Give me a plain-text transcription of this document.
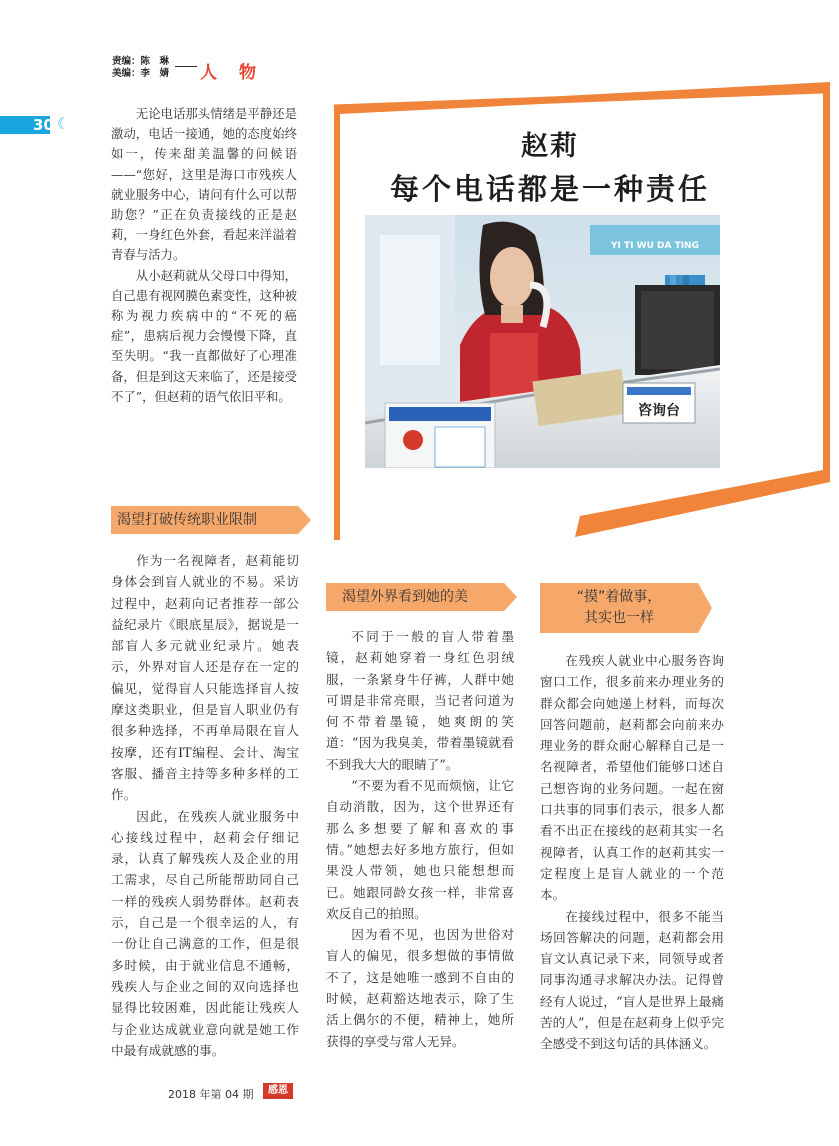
责编：陈　琳
美编：李　婧 人物
30
《
赵莉
每个电话都是一种责任
YI TI WU DA TING
咨询台

无论电话那头情绪是平静还是激动，电话一接通，她的态度始终如一，传来甜美温馨的问候语——“您好，这里是海口市残疾人就业服务中心，请问有什么可以帮助您？”正在负责接线的正是赵莉，一身红色外套，看起来洋溢着青春与活力。

从小赵莉就从父母口中得知，自己患有视网膜色素变性，这种被称为视力疾病中的“不死的癌症”，患病后视力会慢慢下降，直至失明。“我一直都做好了心理准备，但是到这天来临了，还是接受不了”，但赵莉的语气依旧平和。

渴望打破传统职业限制

作为一名视障者，赵莉能切身体会到盲人就业的不易。采访过程中，赵莉向记者推荐一部公益纪录片《眼底星辰》，据说是一部盲人多元就业纪录片。她表示，外界对盲人还是存在一定的偏见，觉得盲人只能选择盲人按摩这类职业，但是盲人职业仍有很多种选择，不再单局限在盲人按摩，还有IT编程、会计、淘宝客服、播音主持等多种多样的工作。

因此，在残疾人就业服务中心接线过程中，赵莉会仔细记录，认真了解残疾人及企业的用工需求，尽自己所能帮助同自己一样的残疾人弱势群体。赵莉表示，自己是一个很幸运的人，有一份让自己满意的工作，但是很多时候，由于就业信息不通畅，残疾人与企业之间的双向选择也显得比较困难，因此能让残疾人与企业达成就业意向就是她工作中最有成就感的事。

渴望外界看到她的美

不同于一般的盲人带着墨镜，赵莉她穿着一身红色羽绒服，一条紧身牛仔裤，人群中她可谓是非常亮眼，当记者问道为何不带着墨镜，她爽朗的笑道：“因为我臭美，带着墨镜就看不到我大大的眼睛了”。

“不要为看不见而烦恼，让它自动消散，因为，这个世界还有那么多想要了解和喜欢的事情。”她想去好多地方旅行，但如果没人带领，她也只能想想而已。她跟同龄女孩一样，非常喜欢反自己的拍照。

因为看不见，也因为世俗对盲人的偏见，很多想做的事情做不了，这是她唯一感到不自由的时候，赵莉豁达地表示，除了生活上偶尔的不便，精神上，她所获得的享受与常人无异。

“摸”着做事，
其实也一样

在残疾人就业中心服务咨询窗口工作，很多前来办理业务的群众都会向她递上材料，而每次回答问题前，赵莉都会向前来办理业务的群众耐心解释自己是一名视障者，希望他们能够口述自己想咨询的业务问题。一起在窗口共事的同事们表示，很多人都看不出正在接线的赵莉其实一名视障者，认真工作的赵莉其实一定程度上是盲人就业的一个范本。

在接线过程中，很多不能当场回答解决的问题，赵莉都会用盲文认真记录下来，同领导或者同事沟通寻求解决办法。记得曾经有人说过，“盲人是世界上最痛苦的人”，但是在赵莉身上似乎完全感受不到这句话的具体涵义。

2018 年第 04 期	感恩
